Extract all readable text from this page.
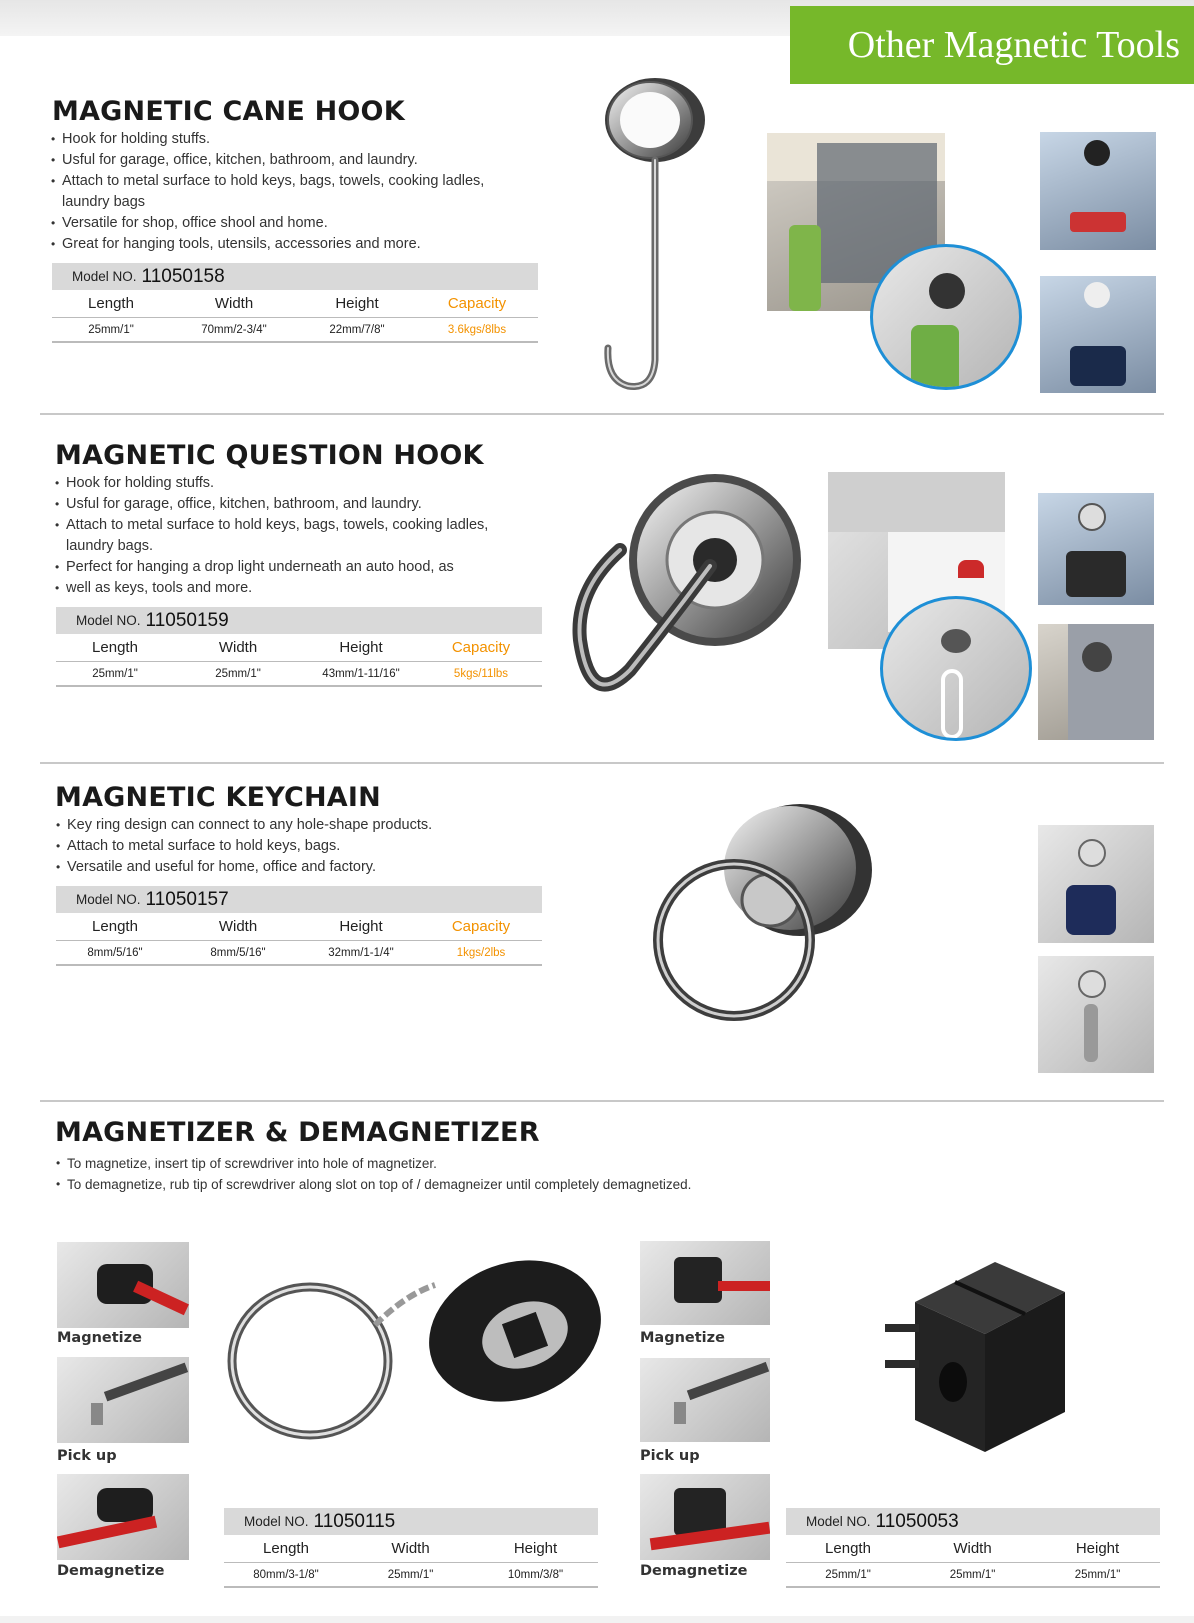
Other Magnetic Tools
MAGNETIC CANE HOOK
• Hook for holding stuffs.
• Usful for garage, office, kitchen, bathroom, and laundry.
• Attach to metal surface to hold keys, bags, towels, cooking ladles, laundry bags
• Versatile for shop, office shool and home.
• Great for hanging tools, utensils, accessories and more.
Model NO. 11050158
Length	Width	Height	Capacity
25mm/1"	70mm/2-3/4"	22mm/7/8"	3.6kgs/8lbs
MAGNETIC QUESTION HOOK
• Hook for holding stuffs.
• Usful for garage, office, kitchen, bathroom, and laundry.
• Attach to metal surface to hold keys, bags, towels, cooking ladles, laundry bags.
• Perfect for hanging a drop light underneath an auto hood, as
• well as keys, tools and more.
Model NO. 11050159
Length	Width	Height	Capacity
25mm/1"	25mm/1"	43mm/1-11/16"	5kgs/11lbs
MAGNETIC KEYCHAIN
• Key ring design can connect to any hole-shape products.
• Attach to metal surface to hold keys, bags.
• Versatile and useful for home, office and factory.
Model NO. 11050157
Length	Width	Height	Capacity
8mm/5/16"	8mm/5/16"	32mm/1-1/4"	1kgs/2lbs
MAGNETIZER & DEMAGNETIZER
• To magnetize, insert tip of screwdriver into hole of magnetizer.
• To demagnetize, rub tip of screwdriver along slot on top of / demagneizer until completely demagnetized.
Magnetize
Pick up
Demagnetize
Magnetize
Pick up
Demagnetize
Model NO. 11050115
Length	Width	Height
80mm/3-1/8"	25mm/1"	10mm/3/8"
Model NO. 11050053
Length	Width	Height
25mm/1"	25mm/1"	25mm/1"
